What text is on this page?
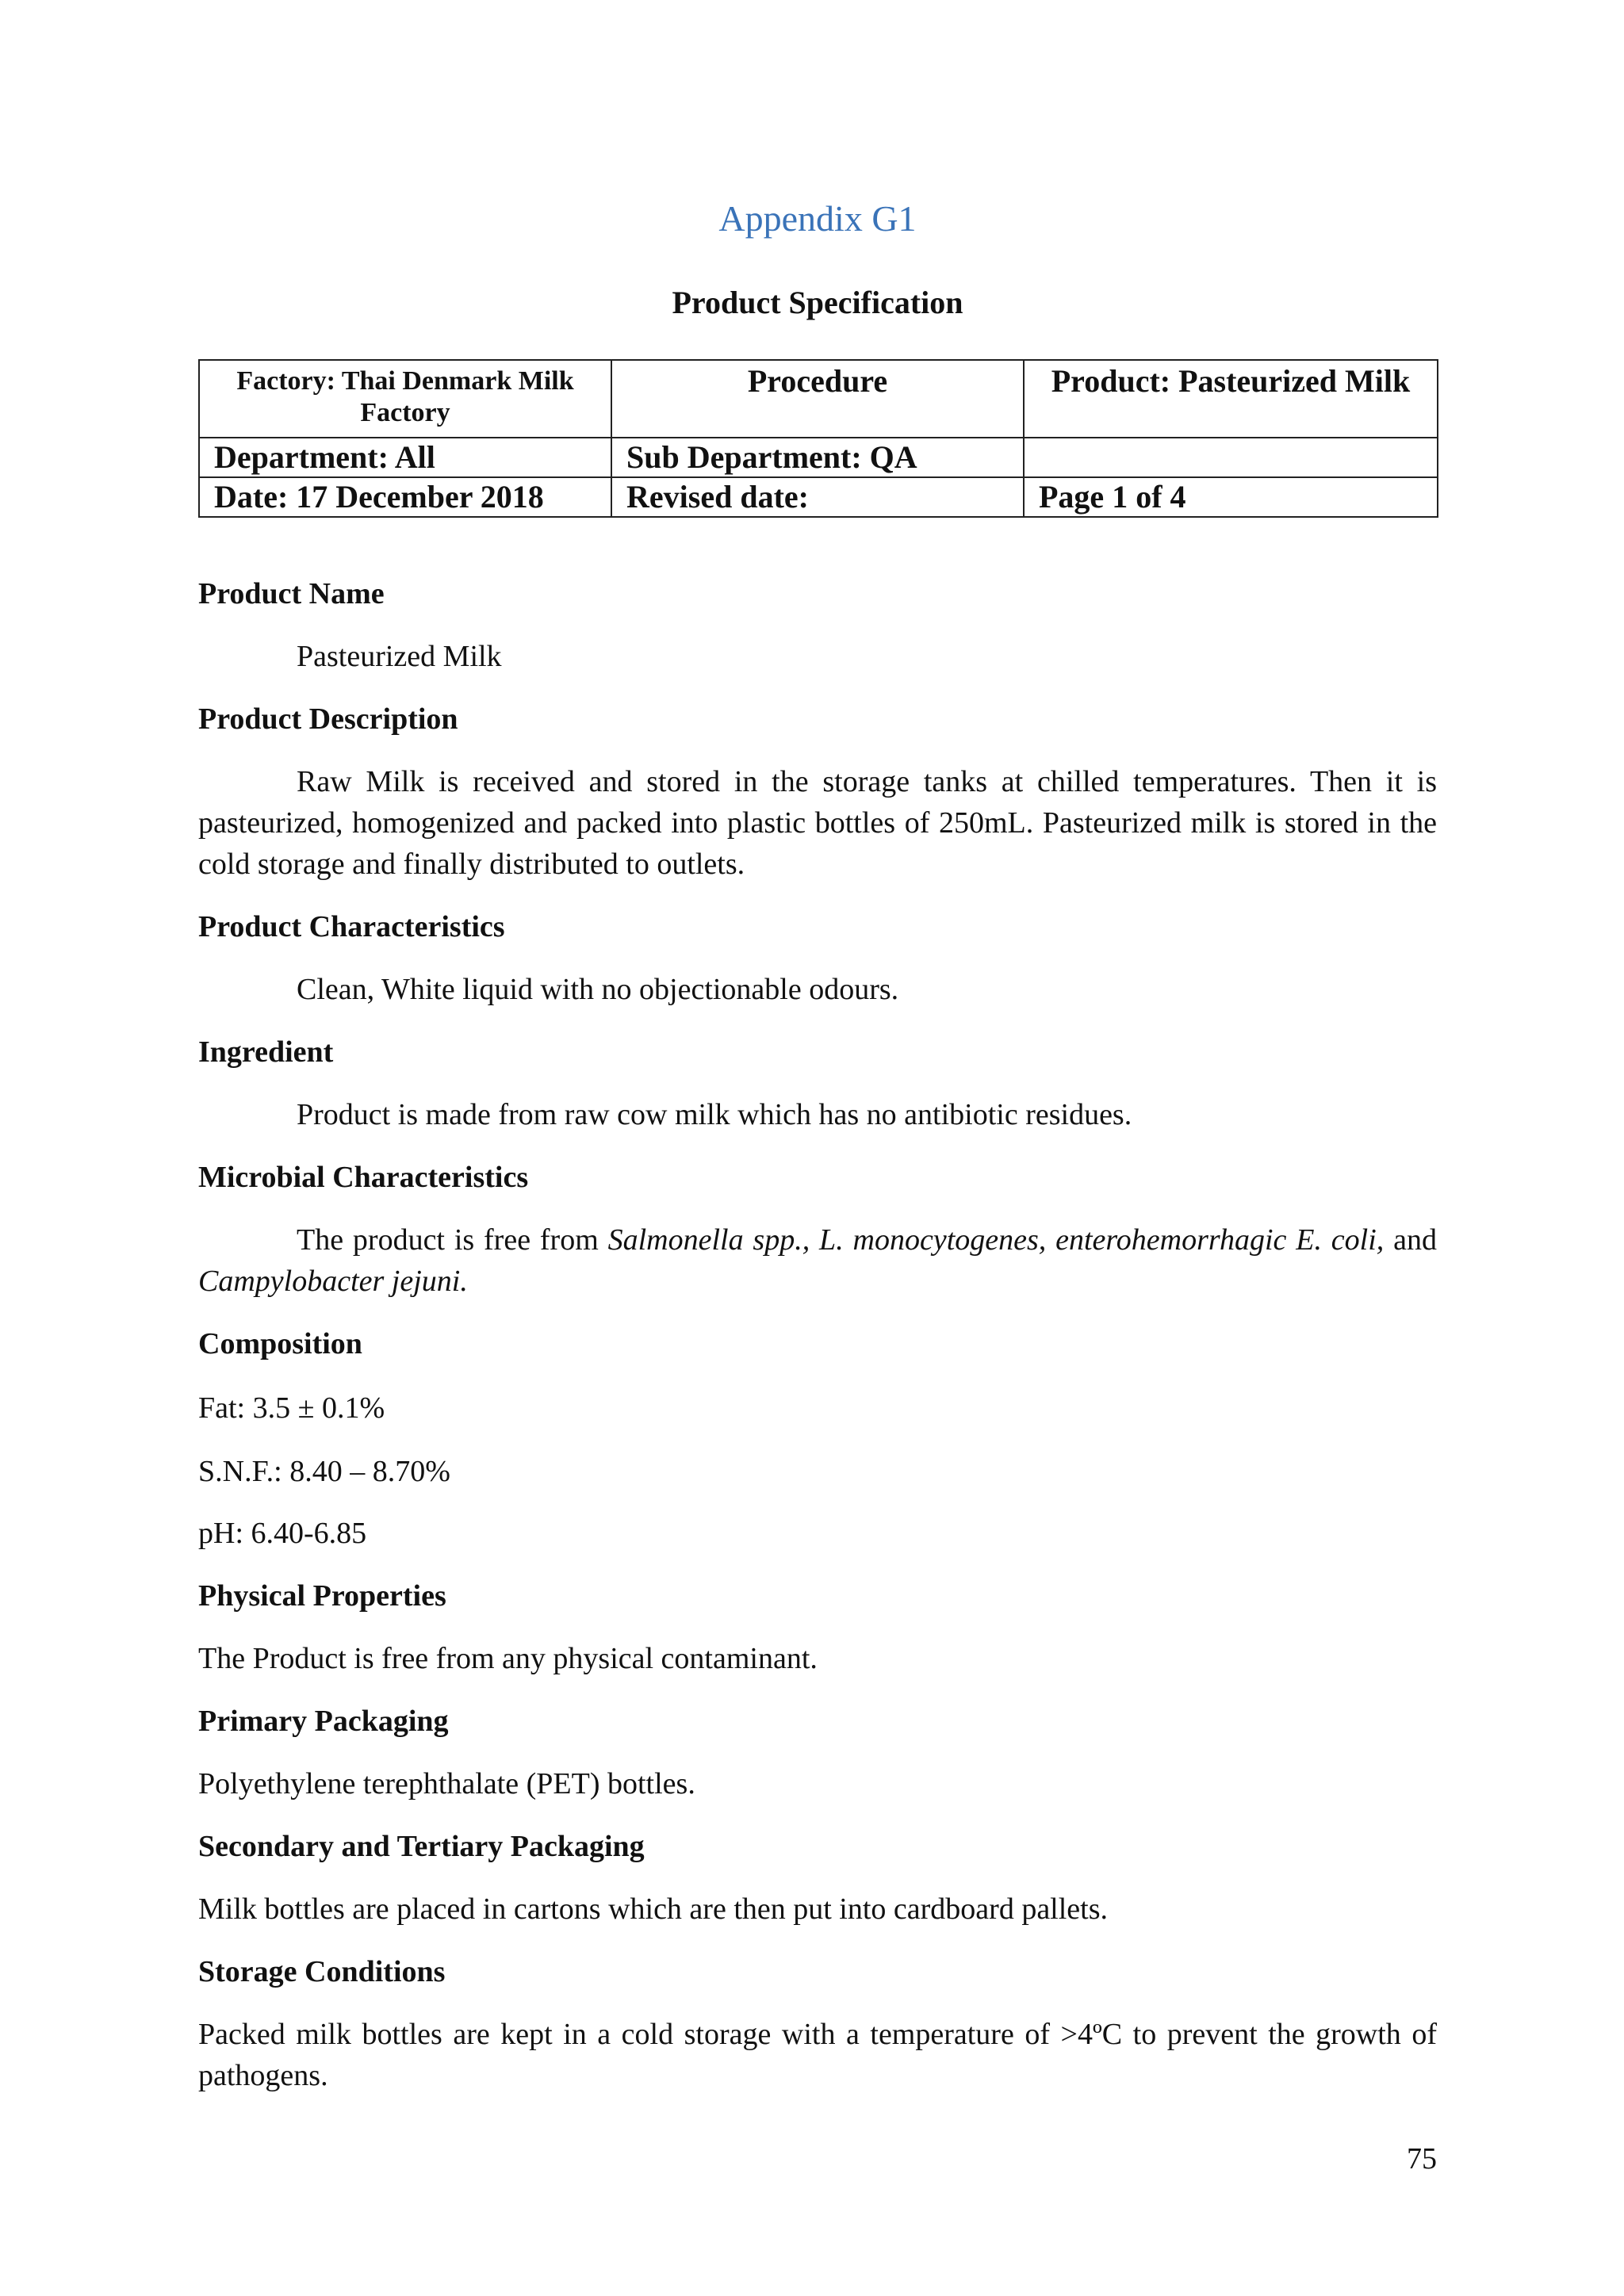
Appendix G1
Product Specification
Factory: Thai Denmark Milk Factory	Procedure	Product: Pasteurized Milk
Department: All	Sub Department: QA	
Date: 17 December 2018	Revised date:	Page 1 of 4

Product Name

Pasteurized Milk

Product Description

Raw Milk is received and stored in the storage tanks at chilled temperatures. Then it is pasteurized, homogenized and packed into plastic bottles of 250mL. Pasteurized milk is stored in the cold storage and finally distributed to outlets.

Product Characteristics

Clean, White liquid with no objectionable odours.

Ingredient

Product is made from raw cow milk which has no antibiotic residues.

Microbial Characteristics

The product is free from Salmonella spp., L. monocytogenes, enterohemorrhagic E. coli, and Campylobacter jejuni.

Composition

Fat: 3.5 ± 0.1%

S.N.F.: 8.40 – 8.70%

pH: 6.40-6.85

Physical Properties

The Product is free from any physical contaminant.

Primary Packaging

Polyethylene terephthalate (PET) bottles.

Secondary and Tertiary Packaging

Milk bottles are placed in cartons which are then put into cardboard pallets.

Storage Conditions

Packed milk bottles are kept in a cold storage with a temperature of >4ºC to prevent the growth of pathogens.

75
